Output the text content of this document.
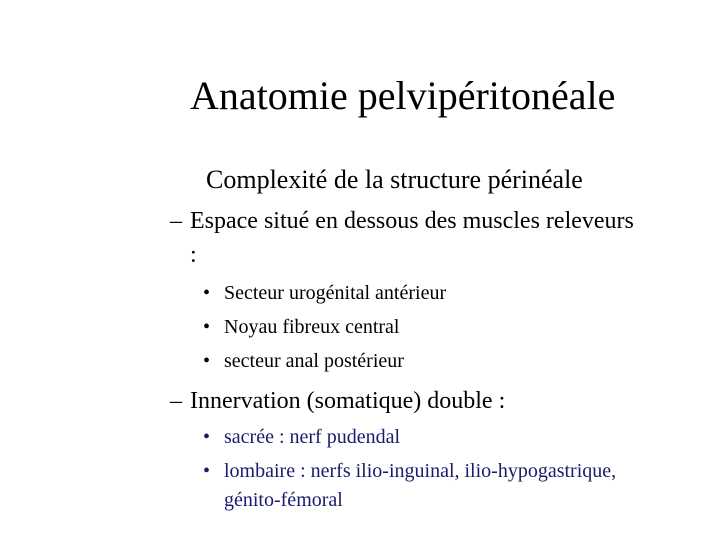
Anatomie pelvipéritonéale
Complexité de la structure périnéale
– Espace situé en dessous des muscles releveurs
:
• Secteur urogénital antérieur
• Noyau fibreux central
• secteur anal postérieur
– Innervation (somatique) double :
• sacrée : nerf pudendal
• lombaire : nerfs ilio-inguinal, ilio-hypogastrique,
génito-fémoral
